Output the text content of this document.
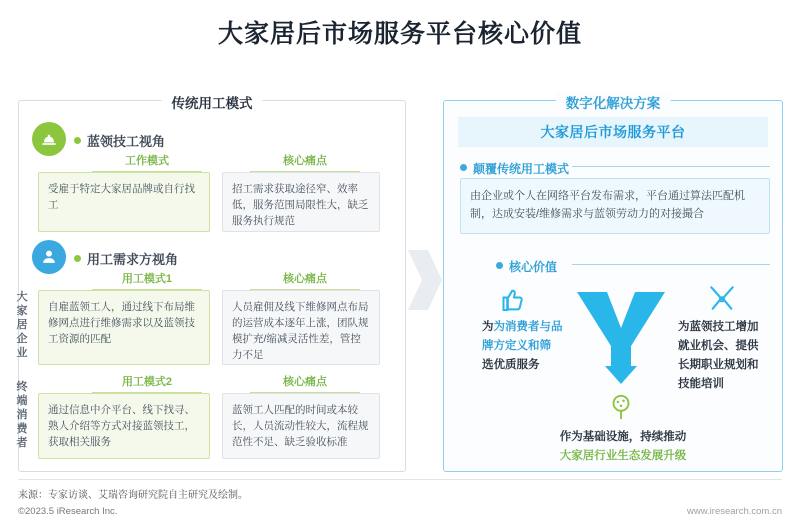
大家居后市场服务平台核心价值
传统用工模式
大家居企业
终端消费者
蓝领技工视角
工作模式	核心痛点
受雇于特定大家居品牌或自行找工
招工需求获取途径窄、效率低，服务范围局限性大，缺乏服务执行规范
用工需求方视角
用工模式1	核心痛点
自雇蓝领工人，通过线下布局维修网点进行维修需求以及蓝领技工资源的匹配
人员雇佣及线下维修网点布局的运营成本逐年上涨，团队规模扩充/缩减灵活性差，管控力不足
用工模式2	核心痛点
通过信息中介平台、线下找寻、熟人介绍等方式对接蓝领技工，获取相关服务
蓝领工人匹配的时间或本较长，人员流动性较大，流程规范性不足、缺乏验收标准
数字化解决方案
大家居后市场服务平台
颠覆传统用工模式
由企业或个人在网络平台发布需求，平台通过算法匹配机制，达成安装/维修需求与蓝领劳动力的对接撮合
核心价值
为为消费者与品
牌方定义和筛
选优质服务
为蓝领技工增加
就业机会、提供
长期职业规划和
技能培训
作为基础设施，持续推动
大家居行业生态发展升级
来源：专家访谈、艾瑞咨询研究院自主研究及绘制。
©2023.5 iResearch Inc.	www.iresearch.com.cn
